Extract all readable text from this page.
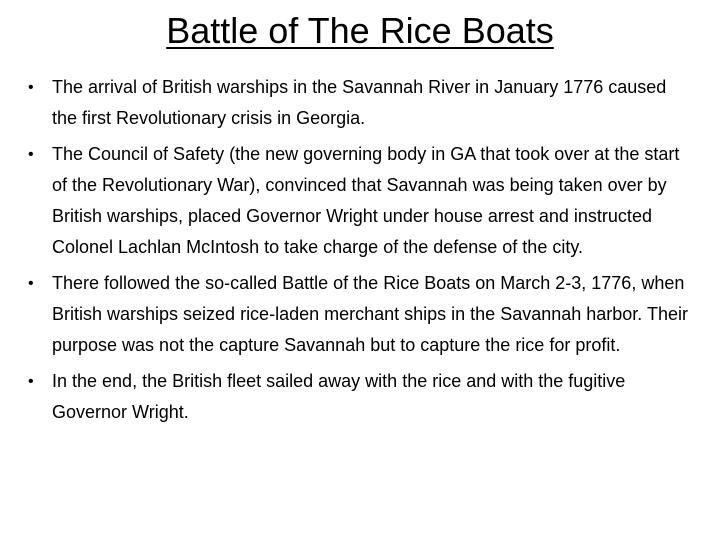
Battle of The Rice Boats
• The arrival of British warships in the Savannah River in January 1776 caused the first Revolutionary crisis in Georgia.
• The Council of Safety (the new governing body in GA that took over at the start of the Revolutionary War), convinced that Savannah was being taken over by British warships, placed Governor Wright under house arrest and instructed Colonel Lachlan McIntosh to take charge of the defense of the city.
• There followed the so-called Battle of the Rice Boats on March 2-3, 1776, when British warships seized rice-laden merchant ships in the Savannah harbor. Their purpose was not the capture Savannah but to capture the rice for profit.
• In the end, the British fleet sailed away with the rice and with the fugitive Governor Wright.
